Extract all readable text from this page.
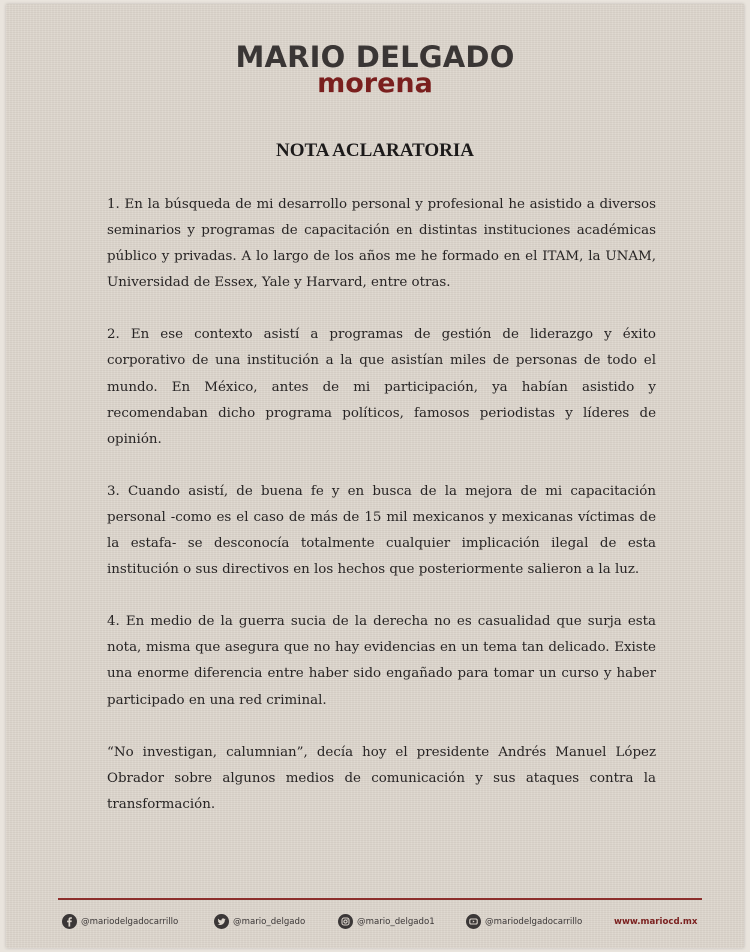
MARIO DELGADO
morena
NOTA ACLARATORIA

1. En la búsqueda de mi desarrollo personal y profesional he asistido a diversos seminarios y programas de capacitación en distintas instituciones académicas público y privadas. A lo largo de los años me he formado en el ITAM, la UNAM, Universidad de Essex, Yale y Harvard, entre otras.

2. En ese contexto asistí a programas de gestión de liderazgo y éxito corporativo de una institución a la que asistían miles de personas de todo el mundo. En México, antes de mi participación, ya habían asistido y recomendaban dicho programa políticos, famosos periodistas y líderes de opinión.

3. Cuando asistí, de buena fe y en busca de la mejora de mi capacitación personal -como es el caso de más de 15 mil mexicanos y mexicanas víctimas de la estafa- se desconocía totalmente cualquier implicación ilegal de esta institución o sus directivos en los hechos que posteriormente salieron a la luz.

4. En medio de la guerra sucia de la derecha no es casualidad que surja esta nota, misma que asegura que no hay evidencias en un tema tan delicado. Existe una enorme diferencia entre haber sido engañado para tomar un curso y haber participado en una red criminal.

“No investigan, calumnian”, decía hoy el presidente Andrés Manuel López Obrador sobre algunos medios de comunicación y sus ataques contra la transformación.

@mariodelgadocarrillo	@mario_delgado	@mario_delgado1	@mariodelgadocarrillo	www.mariocd.mx
